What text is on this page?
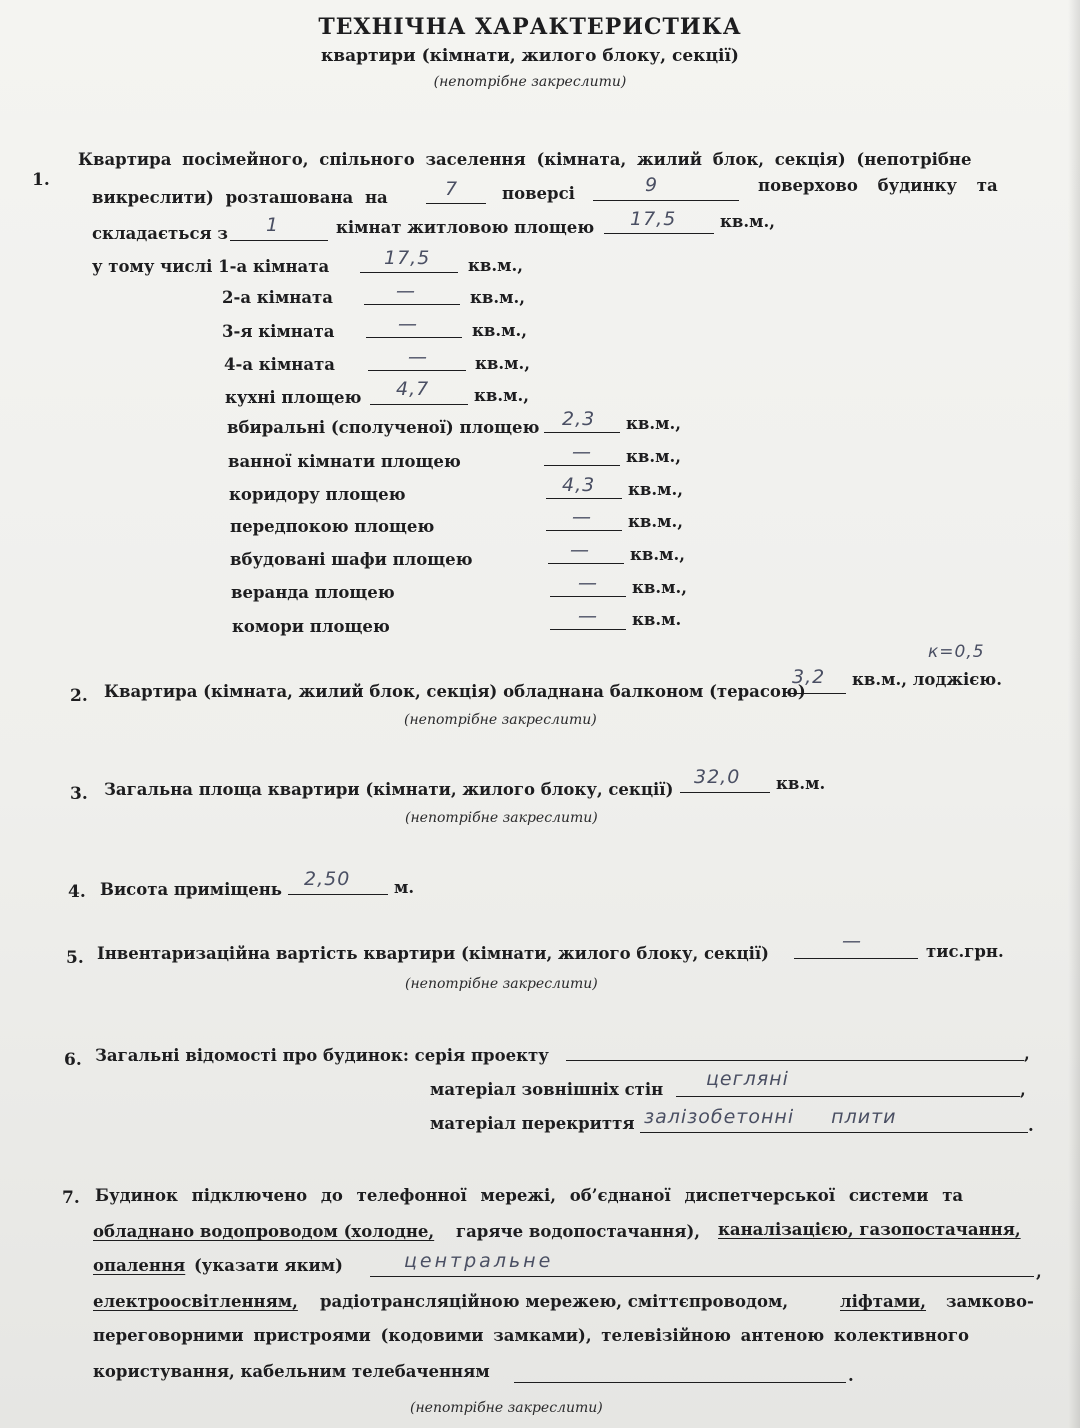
ТЕХНІЧНА ХАРАКТЕРИСТИКА
квартири (кімнати, жилого блоку, секції)
(непотрібне закреслити)
1.
Квартира посімейного, спільного заселення (кімната, жилий блок, секція) (непотрібне
викреслити) розташована на	7	поверсі	9	поверхово будинку та
складається з 1	кімнат житловою площею 17,5	кв.м.,
у тому числі 1-а кімната	17,5 кв.м.,
2-а кімната	—	кв.м.,
3-я кімната	—	кв.м.,
4-а кімната	—	кв.м.,
кухні площею 4,7	кв.м.,
вбиральні (сполученої) площею 2,3 кв.м.,
ванної кімнати площею	— кв.м.,
коридору площею	4,3 кв.м.,
передпокою площею	— кв.м.,
вбудовані шафи площею	— кв.м.,
веранда площею	— кв.м.,
комори площею	— кв.м.
к=0,5
2. Квартира (кімната, жилий блок, секція) обладнана балконом (терасою)
3,2 кв.м., лоджією.
(непотрібне закреслити)
3. Загальна площа квартири (кімнати, жилого блоку, секції)
32,0 кв.м.
(непотрібне закреслити)
4. Висота приміщень 2,50	м.
5. Інвентаризаційна вартість квартири (кімнати, жилого блоку, секції)
—	тис.грн.
(непотрібне закреслити)
6. Загальні відомості про будинок: серія проекту	,
матеріал зовнішніх стін цегляні	,
матеріал перекриття залізобетонні плити	.
7. Будинок підключено до телефонної мережі, об’єднаної диспетчерської системи та
обладнано водопроводом (холодне, гаряче водопостачання), каналізацією, газопостачання,
опалення (указати яким)	центральне	,
електроосвітленням, радіотрансляційною мережею, сміттєпроводом,	ліфтами, замково-
переговорними пристроями (кодовими замками), телевізійною антеною колективного
користування, кабельним телебаченням	.
(непотрібне закреслити)
